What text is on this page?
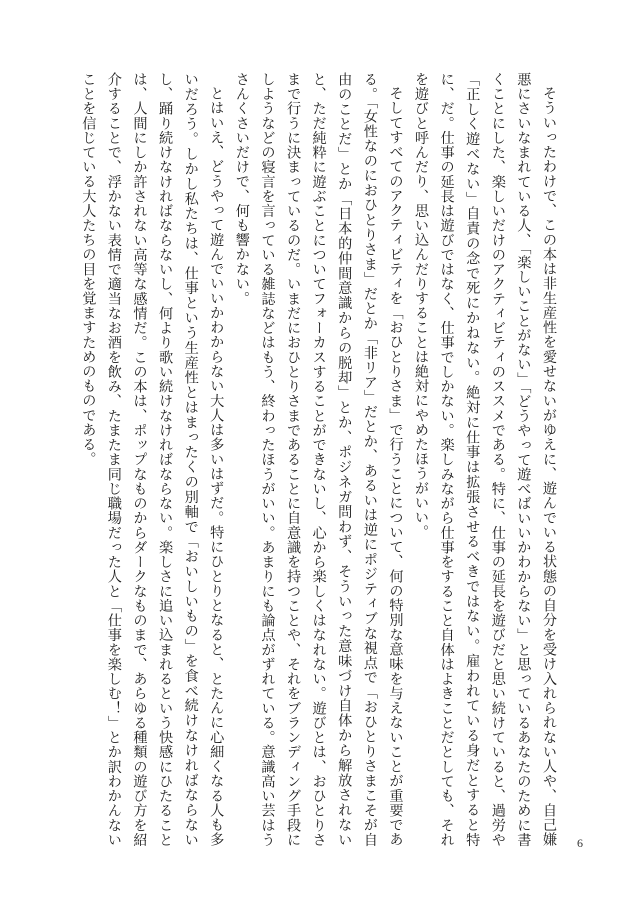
そういったわけで、この本は非生産性を愛せないがゆえに、遊んでいる状態の自分を受け入れられない人や、自己嫌悪にさいなまれている人、「楽しいことがない」「どうやって遊べばいいかわからない」と思っているあなたのために書くことにした、楽しいだけのアクティビティのススメである。特に、仕事の延長を遊びだと思い続けていると、過労や「正しく遊べない」自責の念で死にかねない。絶対に仕事は拡張させるべきではない。雇われている身だとすると特に、だ。仕事の延長は遊びではなく、仕事でしかない。楽しみながら仕事をすること自体はよきことだとしても、それを遊びと呼んだり、思い込んだりすることは絶対にやめたほうがいい。

そしてすべてのアクティビティを「おひとりさま」で行うことについて、何の特別な意味を与えないことが重要である。「女性なのにおひとりさま」だとか「非リア」だとか、あるいは逆にポジティブな視点で「おひとりさまこそが自由のことだ」とか「日本的仲間意識からの脱却」とか、ポジネガ問わず、そういった意味づけ自体から解放されないと、ただ純粋に遊ぶことについてフォーカスすることができないし、心から楽しくはなれない。遊びとは、おひとりさまで行うに決まっているのだ。いまだにおひとりさまであることに自意識を持つことや、それをブランディング手段にしようなどの寝言を言っている雑誌などはもう、終わったほうがいい。あまりにも論点がずれている。意識高い芸はうさんくさいだけで、何も響かない。

とはいえ、どうやって遊んでいいかわからない大人は多いはずだ。特にひとりとなると、とたんに心細くなる人も多いだろう。しかし私たちは、仕事という生産性とはまったくの別軸で「おいしいもの」を食べ続けなければならないし、踊り続けなければならないし、何より歌い続けなければならない。楽しさに追い込まれるという快感にひたることは、人間にしか許されない高等な感情だ。この本は、ポップなものからダークなものまで、あらゆる種類の遊び方を紹介することで、浮かない表情で適当なお酒を飲み、たまたま同じ職場だった人と「仕事を楽しむ！」とか訳わかんないことを信じている大人たちの目を覚ますためのものである。

6
